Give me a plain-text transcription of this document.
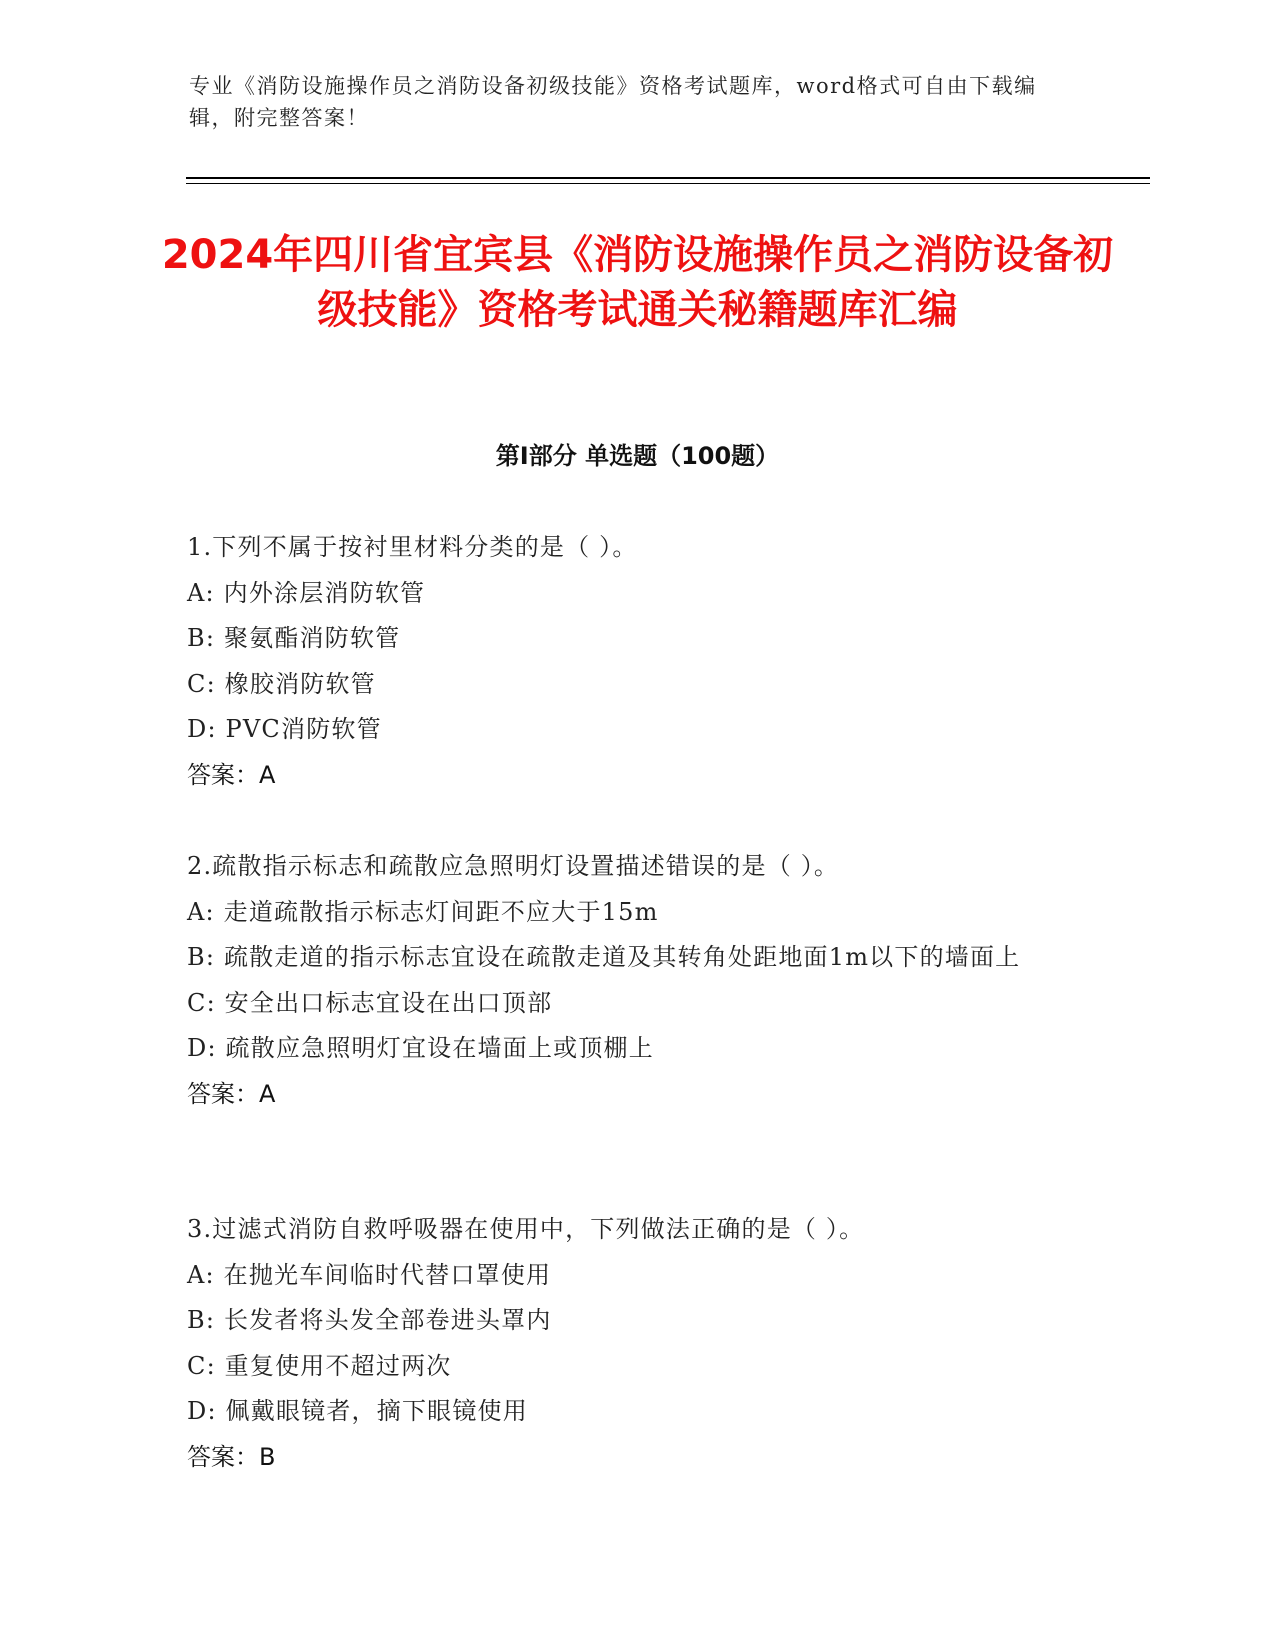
专业《消防设施操作员之消防设备初级技能》资格考试题库，word格式可自由下载编辑，附完整答案！
2024年四川省宜宾县《消防设施操作员之消防设备初级技能》资格考试通关秘籍题库汇编
第I部分 单选题（100题）

1.下列不属于按衬里材料分类的是（ ）。

A: 内外涂层消防软管

B: 聚氨酯消防软管

C: 橡胶消防软管

D: PVC消防软管

答案：A

2.疏散指示标志和疏散应急照明灯设置描述错误的是（ ）。

A: 走道疏散指示标志灯间距不应大于15m

B: 疏散走道的指示标志宜设在疏散走道及其转角处距地面1m以下的墙面上

C: 安全出口标志宜设在出口顶部

D: 疏散应急照明灯宜设在墙面上或顶棚上

答案：A

3.过滤式消防自救呼吸器在使用中，下列做法正确的是（ ）。

A: 在抛光车间临时代替口罩使用

B: 长发者将头发全部卷进头罩内

C: 重复使用不超过两次

D: 佩戴眼镜者，摘下眼镜使用

答案：B
